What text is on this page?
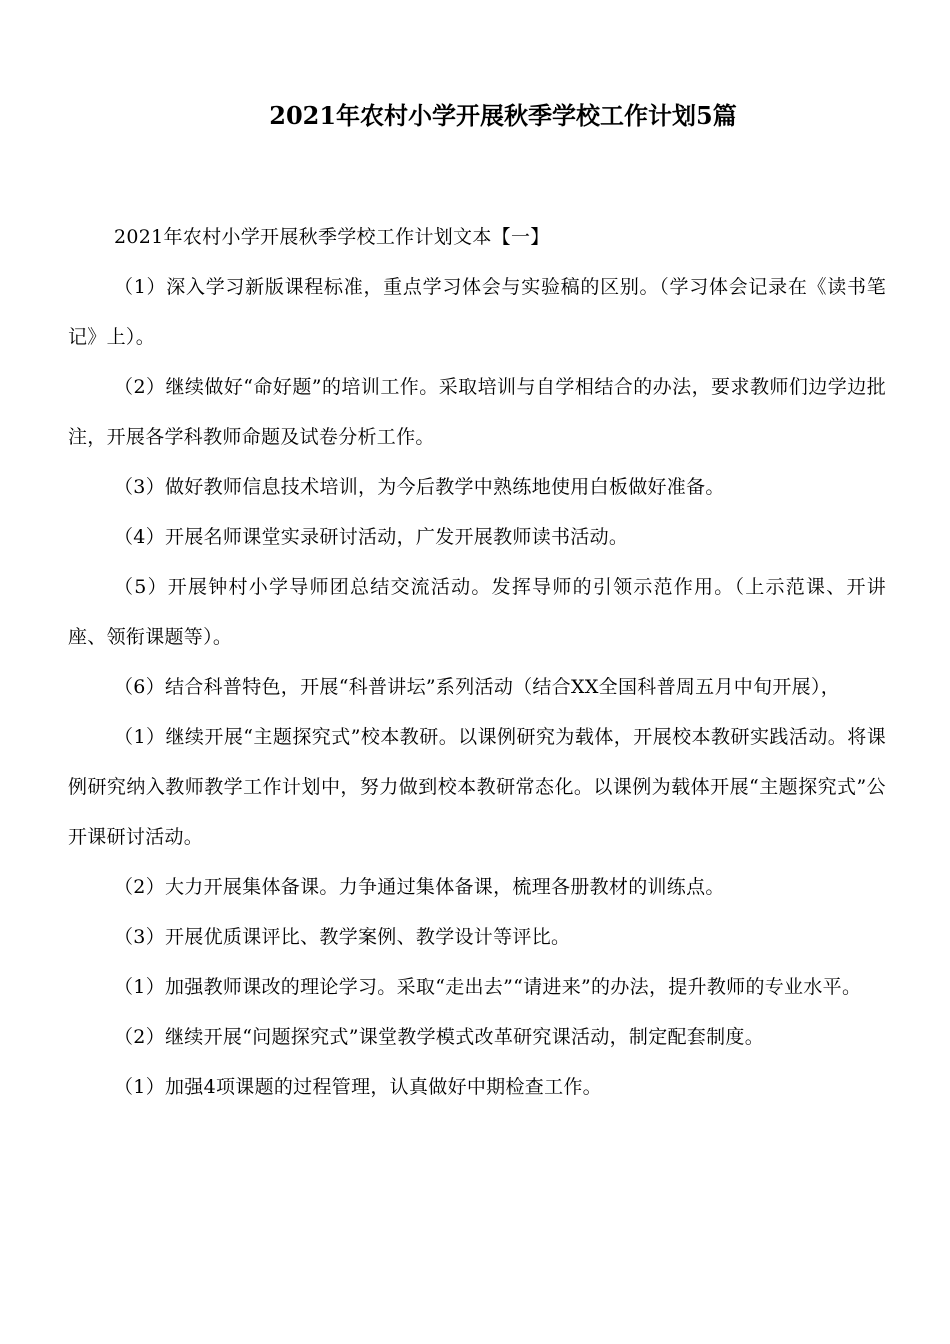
2021年农村小学开展秋季学校工作计划5篇

2021年农村小学开展秋季学校工作计划文本【一】

（1）深入学习新版课程标准，重点学习体会与实验稿的区别。（学习体会记录在《读书笔记》上）。

（2）继续做好“命好题”的培训工作。采取培训与自学相结合的办法，要求教师们边学边批注，开展各学科教师命题及试卷分析工作。

（3）做好教师信息技术培训，为今后教学中熟练地使用白板做好准备。

（4）开展名师课堂实录研讨活动，广发开展教师读书活动。

（5）开展钟村小学导师团总结交流活动。发挥导师的引领示范作用。（上示范课、开讲座、领衔课题等）。

（6）结合科普特色，开展“科普讲坛”系列活动（结合XX全国科普周五月中旬开展），

（1）继续开展“主题探究式”校本教研。以课例研究为载体，开展校本教研实践活动。将课例研究纳入教师教学工作计划中，努力做到校本教研常态化。以课例为载体开展“主题探究式”公开课研讨活动。

（2）大力开展集体备课。力争通过集体备课，梳理各册教材的训练点。

（3）开展优质课评比、教学案例、教学设计等评比。

（1）加强教师课改的理论学习。采取“走出去”“请进来”的办法，提升教师的专业水平。

（2）继续开展“问题探究式”课堂教学模式改革研究课活动，制定配套制度。

（1）加强4项课题的过程管理，认真做好中期检查工作。
